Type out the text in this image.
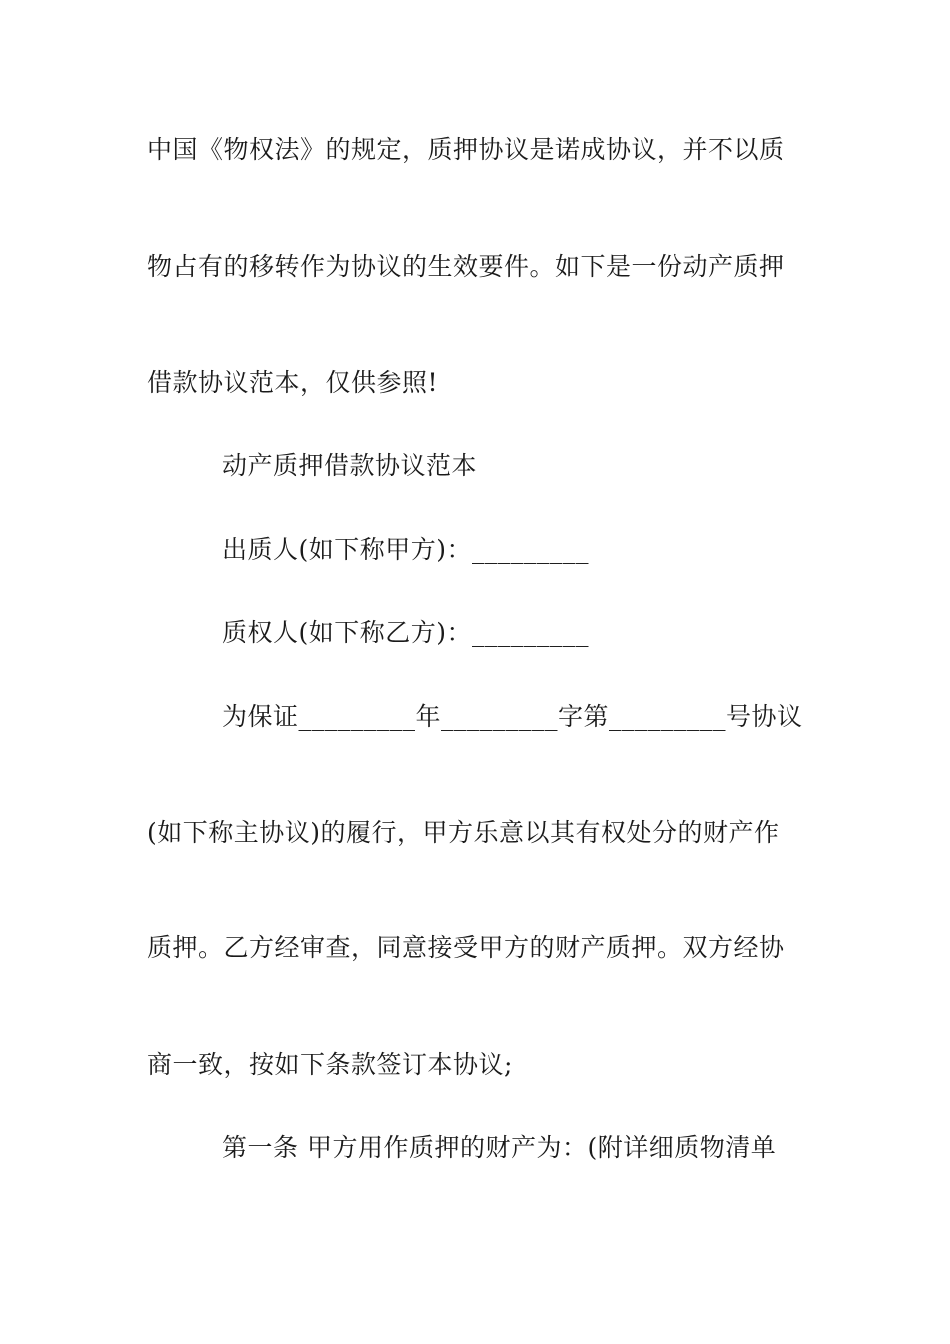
中国《物权法》的规定，质押协议是诺成协议，并不以质
物占有的移转作为协议的生效要件。如下是一份动产质押
借款协议范本，仅供参照!
动产质押借款协议范本
出质人(如下称甲方)：_________
质权人(如下称乙方)：_________
为保证_________年_________字第_________号协议
(如下称主协议)的履行，甲方乐意以其有权处分的财产作
质押。乙方经审查，同意接受甲方的财产质押。双方经协
商一致，按如下条款签订本协议;
第一条 甲方用作质押的财产为：(附详细质物清单
